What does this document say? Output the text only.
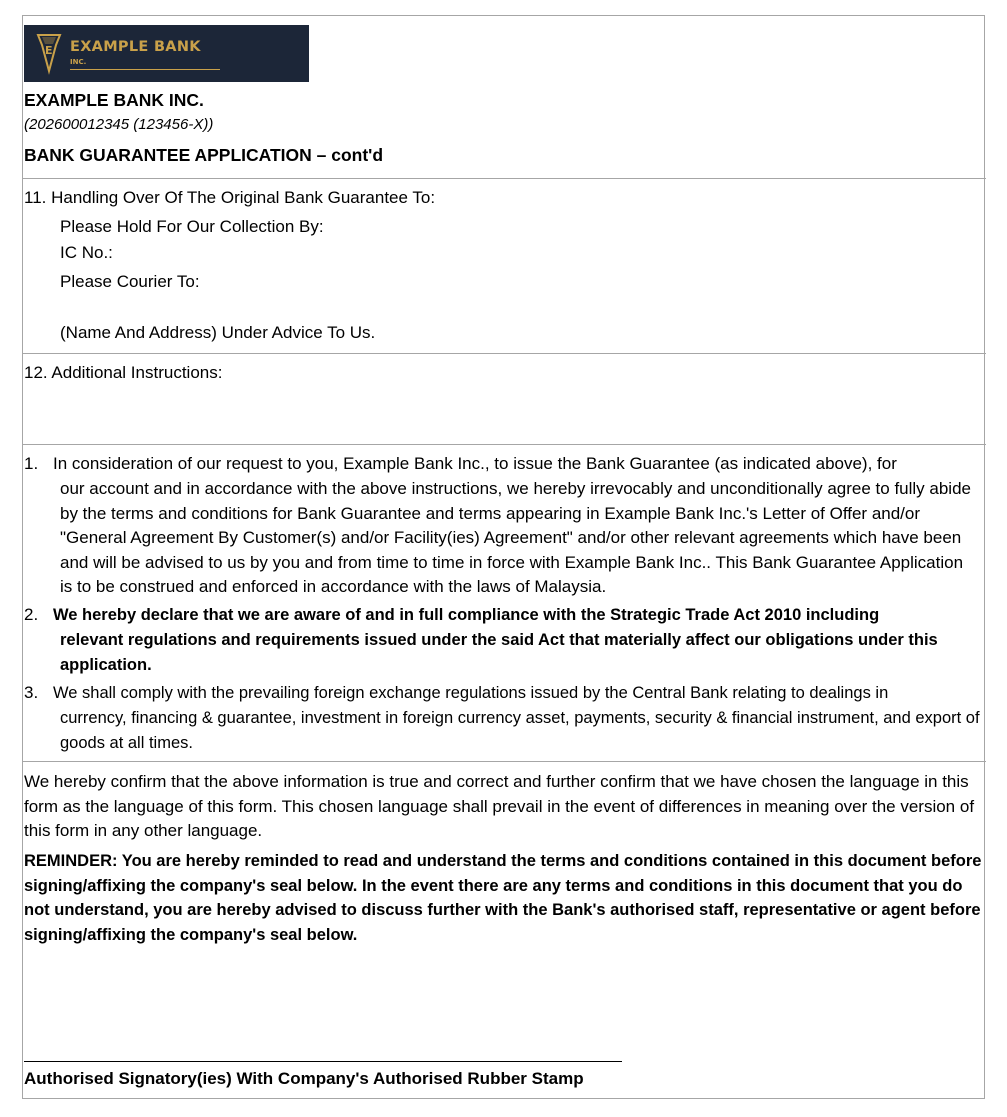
E EXAMPLE BANK
INC.
EXAMPLE BANK INC.
(202600012345 (123456-X))
BANK GUARANTEE APPLICATION – cont'd
11. Handling Over Of The Original Bank Guarantee To:
Please Hold For Our Collection By:
IC No.:
Please Courier To:
(Name And Address) Under Advice To Us.
12. Additional Instructions:
1. In consideration of our request to you, Example Bank Inc., to issue the Bank Guarantee (as indicated above), for
our account and in accordance with the above instructions, we hereby irrevocably and unconditionally agree to fully abide by the terms and conditions for Bank Guarantee and terms appearing in Example Bank Inc.'s Letter of Offer and/or "General Agreement By Customer(s) and/or Facility(ies) Agreement" and/or other relevant agreements which have been and will be advised to us by you and from time to time in force with Example Bank Inc.. This Bank Guarantee Application is to be construed and enforced in accordance with the laws of Malaysia.
2. We hereby declare that we are aware of and in full compliance with the Strategic Trade Act 2010 including
relevant regulations and requirements issued under the said Act that materially affect our obligations under this application.
3. We shall comply with the prevailing foreign exchange regulations issued by the Central Bank relating to dealings in
currency, financing & guarantee, investment in foreign currency asset, payments, security & financial instrument, and export of goods at all times.
We hereby confirm that the above information is true and correct and further confirm that we have chosen the language in this form as the language of this form. This chosen language shall prevail in the event of differences in meaning over the version of this form in any other language.
REMINDER: You are hereby reminded to read and understand the terms and conditions contained in this document before signing/affixing the company's seal below. In the event there are any terms and conditions in this document that you do not understand, you are hereby advised to discuss further with the Bank's authorised staff, representative or agent before signing/affixing the company's seal below.
Authorised Signatory(ies) With Company's Authorised Rubber Stamp
